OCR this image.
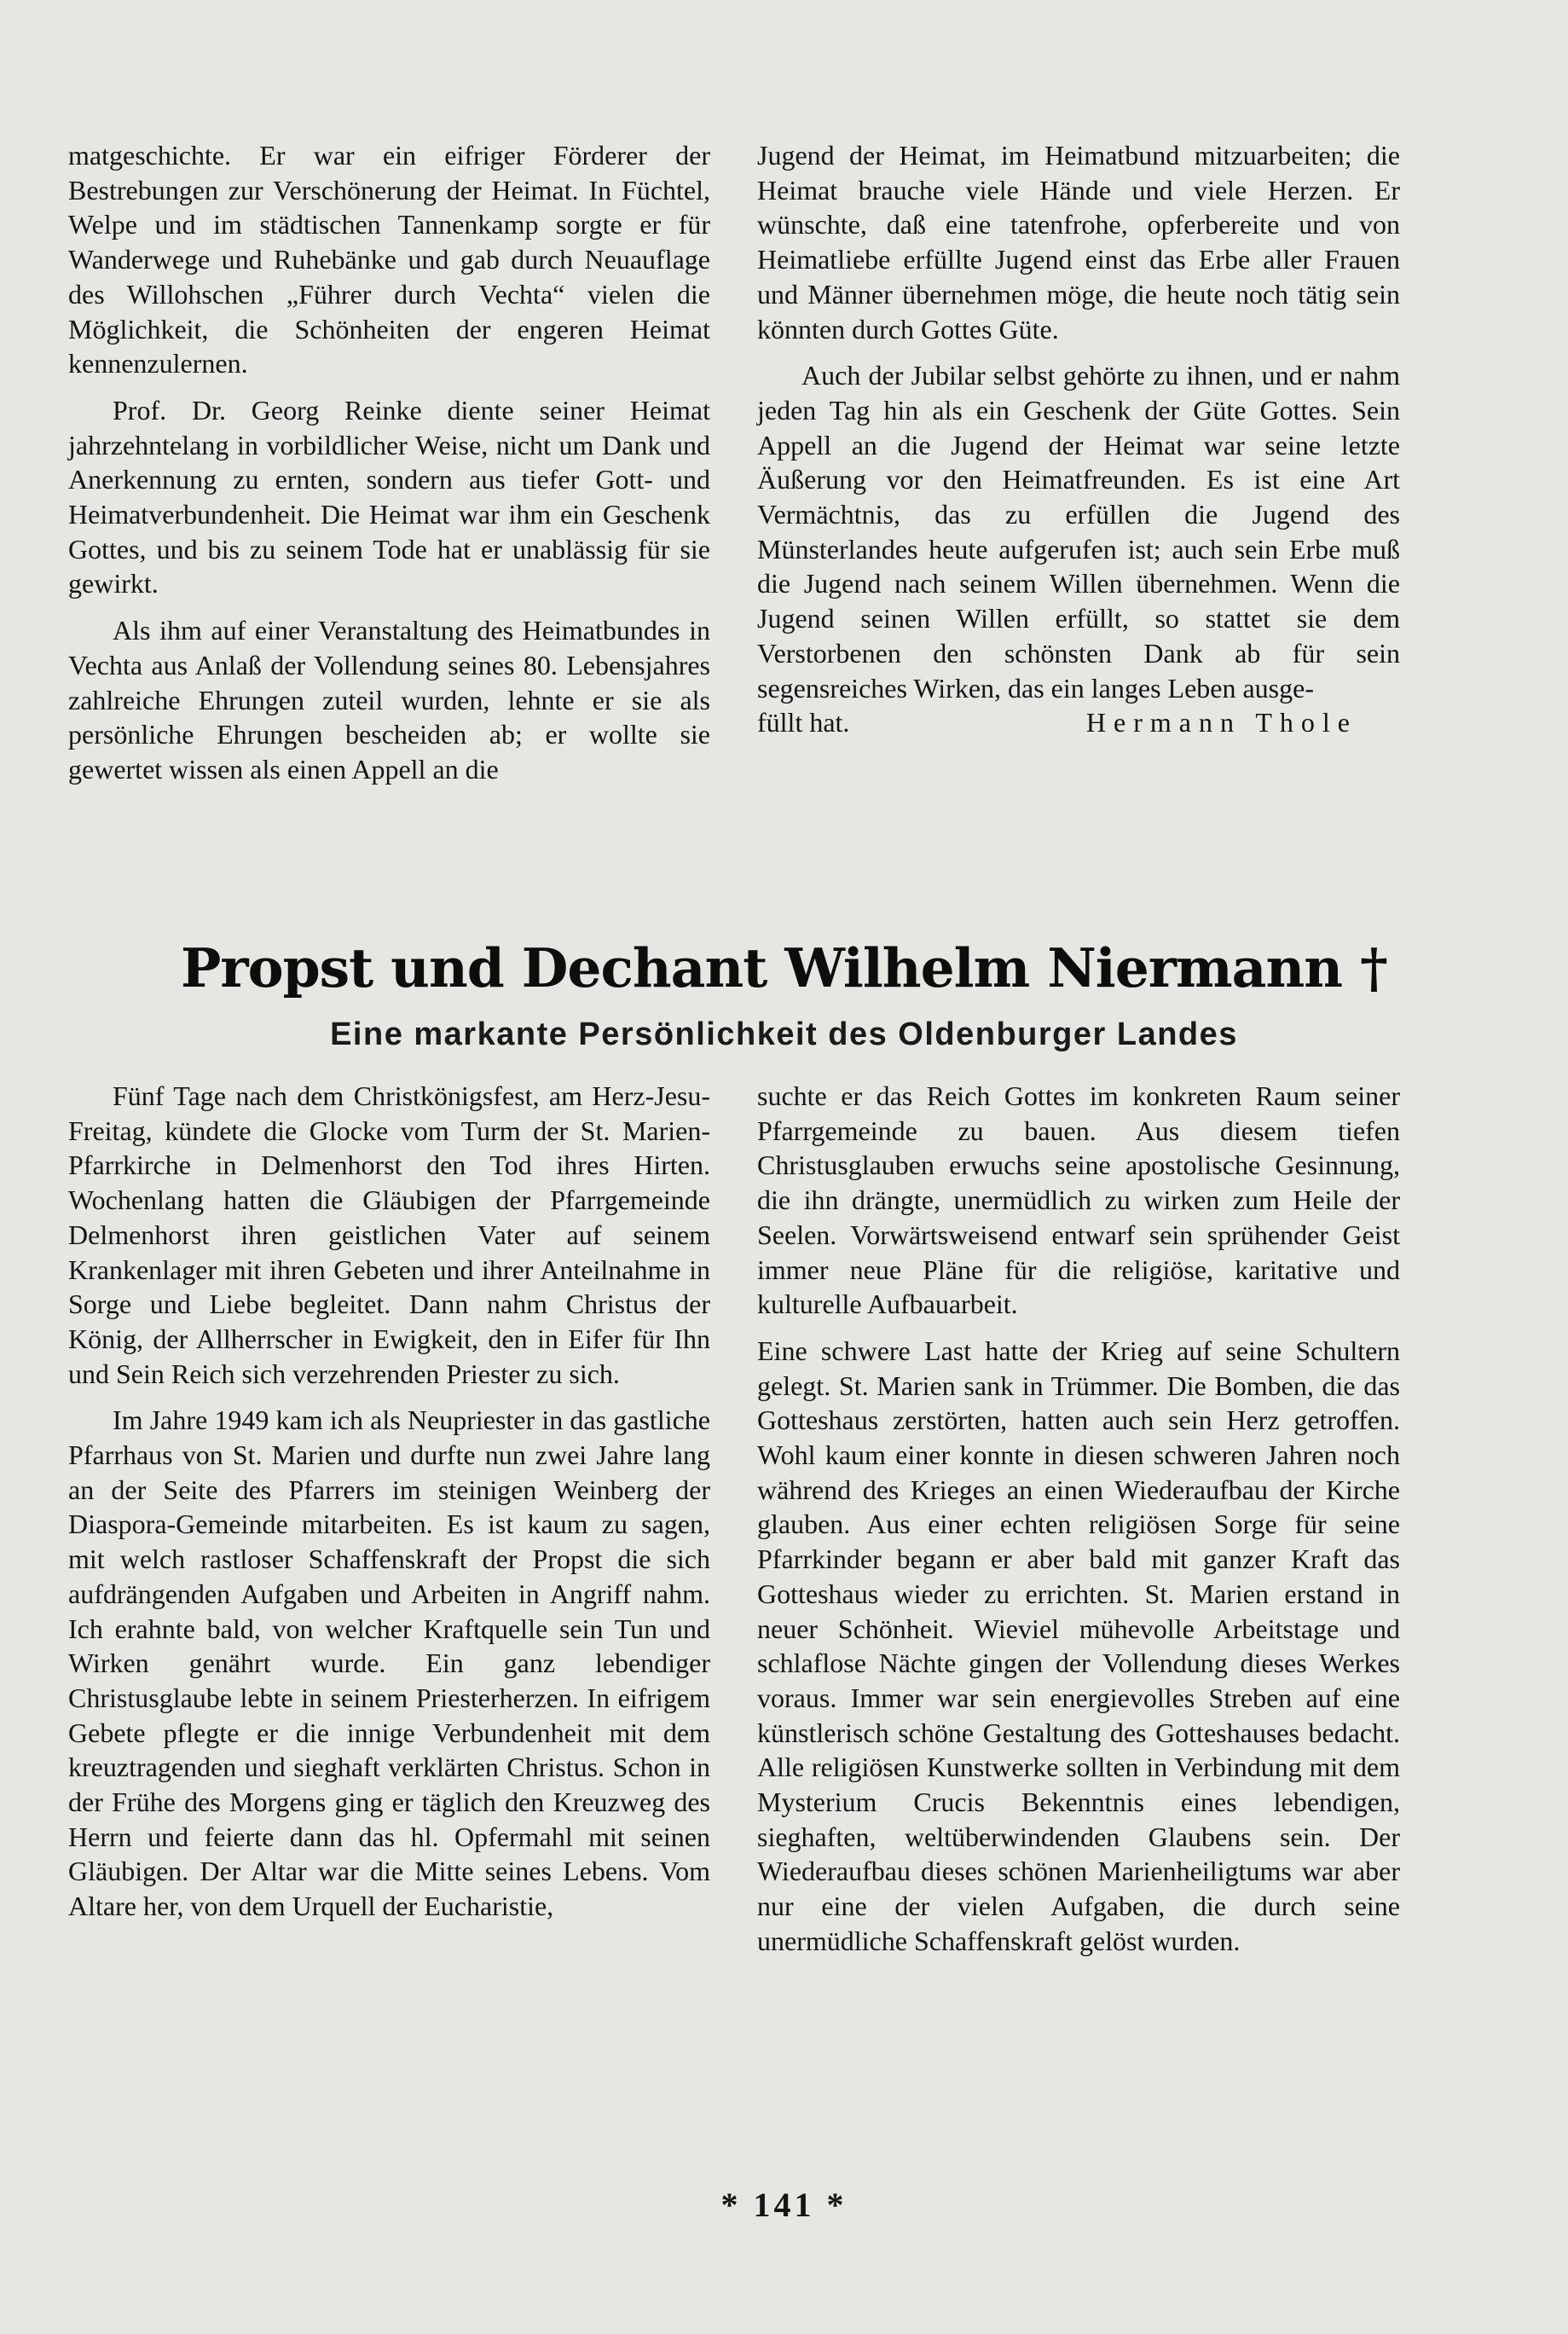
matgeschichte. Er war ein eifriger Förderer der Bestrebungen zur Verschönerung der Heimat. In Füchtel, Welpe und im städtischen Tannenkamp sorgte er für Wanderwege und Ruhebänke und gab durch Neuauflage des Willohschen „Führer durch Vechta“ vielen die Möglichkeit, die Schönheiten der engeren Heimat kennenzulernen.

Prof. Dr. Georg Reinke diente seiner Heimat jahrzehntelang in vorbildlicher Weise, nicht um Dank und Anerkennung zu ernten, sondern aus tiefer Gott- und Heimatverbundenheit. Die Heimat war ihm ein Geschenk Gottes, und bis zu seinem Tode hat er unablässig für sie gewirkt.

Als ihm auf einer Veranstaltung des Heimatbundes in Vechta aus Anlaß der Vollendung seines 80. Lebensjahres zahlreiche Ehrungen zuteil wurden, lehnte er sie als persönliche Ehrungen bescheiden ab; er wollte sie gewertet wissen als einen Appell an die

Jugend der Heimat, im Heimatbund mitzuarbeiten; die Heimat brauche viele Hände und viele Herzen. Er wünschte, daß eine tatenfrohe, opferbereite und von Heimatliebe erfüllte Jugend einst das Erbe aller Frauen und Männer übernehmen möge, die heute noch tätig sein könnten durch Gottes Güte.

Auch der Jubilar selbst gehörte zu ihnen, und er nahm jeden Tag hin als ein Geschenk der Güte Gottes. Sein Appell an die Jugend der Heimat war seine letzte Äußerung vor den Heimatfreunden. Es ist eine Art Vermächtnis, das zu erfüllen die Jugend des Münsterlandes heute aufgerufen ist; auch sein Erbe muß die Jugend nach seinem Willen übernehmen. Wenn die Jugend seinen Willen erfüllt, so stattet sie dem Verstorbenen den schönsten Dank ab für sein segensreiches Wirken, das ein langes Leben ausge-

füllt hat.	Hermann Thole
Propst und Dechant Wilhelm Niermann †
Eine markante Persönlichkeit des Oldenburger Landes

Fünf Tage nach dem Christkönigsfest, am Herz-Jesu-Freitag, kündete die Glocke vom Turm der St. Marien-Pfarrkirche in Delmenhorst den Tod ihres Hirten. Wochenlang hatten die Gläubigen der Pfarrgemeinde Delmenhorst ihren geistlichen Vater auf seinem Krankenlager mit ihren Gebeten und ihrer Anteilnahme in Sorge und Liebe begleitet. Dann nahm Christus der König, der Allherrscher in Ewigkeit, den in Eifer für Ihn und Sein Reich sich verzehrenden Priester zu sich.

Im Jahre 1949 kam ich als Neupriester in das gastliche Pfarrhaus von St. Marien und durfte nun zwei Jahre lang an der Seite des Pfarrers im steinigen Weinberg der Diaspora-Gemeinde mitarbeiten. Es ist kaum zu sagen, mit welch rastloser Schaffenskraft der Propst die sich aufdrängenden Aufgaben und Arbeiten in Angriff nahm. Ich erahnte bald, von welcher Kraftquelle sein Tun und Wirken genährt wurde. Ein ganz lebendiger Christusglaube lebte in seinem Priesterherzen. In eifrigem Gebete pflegte er die innige Verbundenheit mit dem kreuztragenden und sieghaft verklärten Christus. Schon in der Frühe des Morgens ging er täglich den Kreuzweg des Herrn und feierte dann das hl. Opfermahl mit seinen Gläubigen. Der Altar war die Mitte seines Lebens. Vom Altare her, von dem Urquell der Eucharistie,

suchte er das Reich Gottes im konkreten Raum seiner Pfarrgemeinde zu bauen. Aus diesem tiefen Christusglauben erwuchs seine apostolische Gesinnung, die ihn drängte, unermüdlich zu wirken zum Heile der Seelen. Vorwärtsweisend entwarf sein sprühender Geist immer neue Pläne für die religiöse, karitative und kulturelle Aufbauarbeit.

Eine schwere Last hatte der Krieg auf seine Schultern gelegt. St. Marien sank in Trümmer. Die Bomben, die das Gotteshaus zerstörten, hatten auch sein Herz getroffen. Wohl kaum einer konnte in diesen schweren Jahren noch während des Krieges an einen Wiederaufbau der Kirche glauben. Aus einer echten religiösen Sorge für seine Pfarrkinder begann er aber bald mit ganzer Kraft das Gotteshaus wieder zu errichten. St. Marien erstand in neuer Schönheit. Wieviel mühevolle Arbeitstage und schlaflose Nächte gingen der Vollendung dieses Werkes voraus. Immer war sein energievolles Streben auf eine künstlerisch schöne Gestaltung des Gotteshauses bedacht. Alle religiösen Kunstwerke sollten in Verbindung mit dem Mysterium Crucis Bekenntnis eines lebendigen, sieghaften, weltüberwindenden Glaubens sein. Der Wiederaufbau dieses schönen Marienheiligtums war aber nur eine der vielen Aufgaben, die durch seine unermüdliche Schaffenskraft gelöst wurden.

* 141 *
